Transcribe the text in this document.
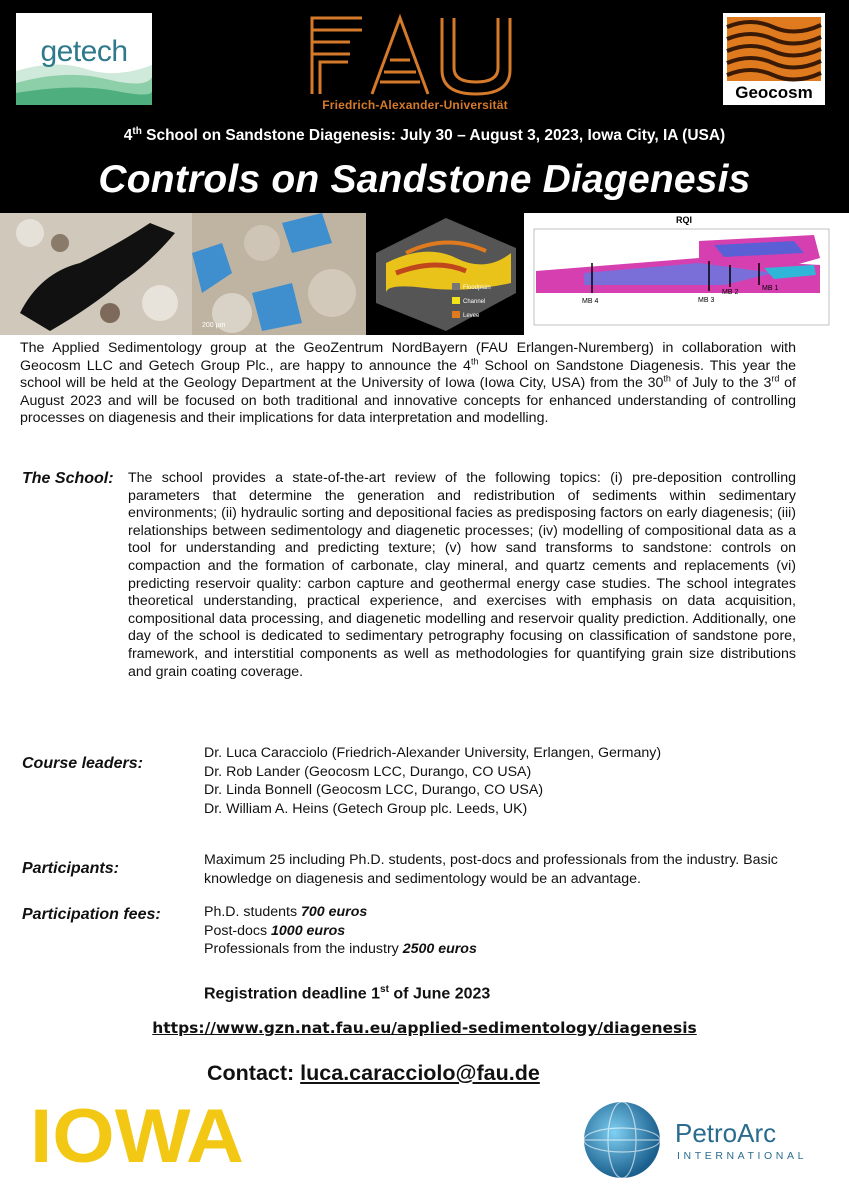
getech
Friedrich-Alexander-Universität
Geocosm
4th School on Sandstone Diagenesis: July 30 – August 3, 2023, Iowa City, IA (USA)
Controls on Sandstone Diagenesis
200 µm
Floodplain
Channel
Levee
RQI
MB 4	MB 3
MB 2
MB 1

The Applied Sedimentology group at the GeoZentrum NordBayern (FAU Erlangen-Nuremberg) in collaboration with Geocosm LLC and Getech Group Plc., are happy to announce the 4th School on Sandstone Diagenesis. This year the school will be held at the Geology Department at the University of Iowa (Iowa City, USA) from the 30th of July to the 3rd of August 2023 and will be focused on both traditional and innovative concepts for enhanced understanding of controlling processes on diagenesis and their implications for data interpretation and modelling.

The School: The school provides a state-of-the-art review of the following topics: (i) pre-deposition controlling parameters that determine the generation and redistribution of sediments within sedimentary environments; (ii) hydraulic sorting and depositional facies as predisposing factors on early diagenesis; (iii) relationships between sedimentology and diagenetic processes; (iv) modelling of compositional data as a tool for understanding and predicting texture; (v) how sand transforms to sandstone: controls on compaction and the formation of carbonate, clay mineral, and quartz cements and replacements (vi) predicting reservoir quality: carbon capture and geothermal energy case studies. The school integrates theoretical understanding, practical experience, and exercises with emphasis on data acquisition, compositional data processing, and diagenetic modelling and reservoir quality prediction. Additionally, one day of the school is dedicated to sedimentary petrography focusing on classification of sandstone pore, framework, and interstitial components as well as methodologies for quantifying grain size distributions and grain coating coverage.

Course leaders:
Dr. Luca Caracciolo (Friedrich-Alexander University, Erlangen, Germany)
Dr. Rob Lander (Geocosm LCC, Durango, CO USA)
Dr. Linda Bonnell (Geocosm LCC, Durango, CO USA)
Dr. William A. Heins (Getech Group plc. Leeds, UK)
Participants:	Maximum 25 including Ph.D. students, post-docs and professionals from the industry. Basic knowledge on diagenesis and sedimentology would be an advantage.
Participation fees:	Ph.D. students 700 euros
Post-docs 1000 euros
Professionals from the industry 2500 euros
Registration deadline 1st of June 2023
https://www.gzn.nat.fau.eu/applied-sedimentology/diagenesis
Contact: luca.caracciolo@fau.de
IOWA	PetroArc
INTERNATIONAL
